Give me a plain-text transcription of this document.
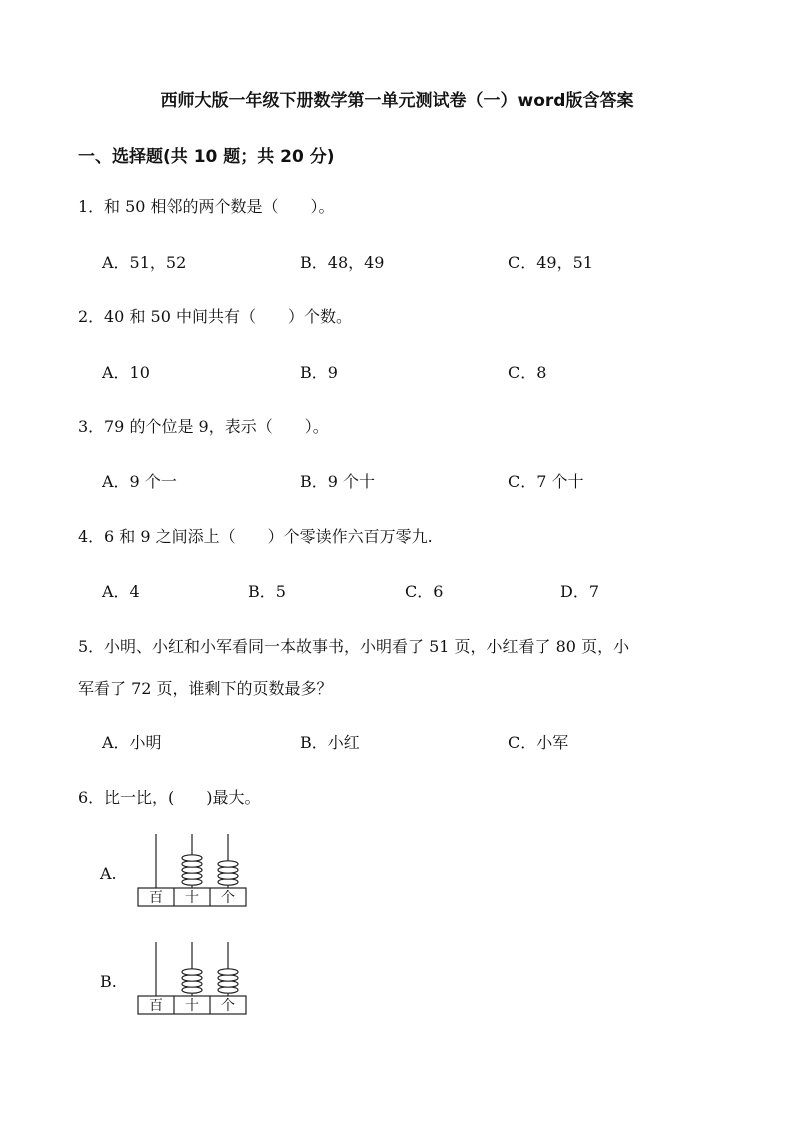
西师大版一年级下册数学第一单元测试卷（一）word版含答案
一、选择题(共 10 题；共 20 分)
1．和 50 相邻的两个数是（　　）。
A．51，52	B．48，49	C．49，51
2．40 和 50 中间共有（　　）个数。
A．10	B．9	C．8
3．79 的个位是 9，表示（　　）。
A．9 个一	B．9 个十	C．7 个十
4．6 和 9 之间添上（　　）个零读作六百万零九.
A．4	B．5	C．6	D．7
5．小明、小红和小军看同一本故事书，小明看了 51 页，小红看了 80 页，小
军看了 72 页，谁剩下的页数最多？
A．小明	B．小红	C．小军
6．比一比，(　　)最大。
A.
百 十 个
B.
百 十 个
